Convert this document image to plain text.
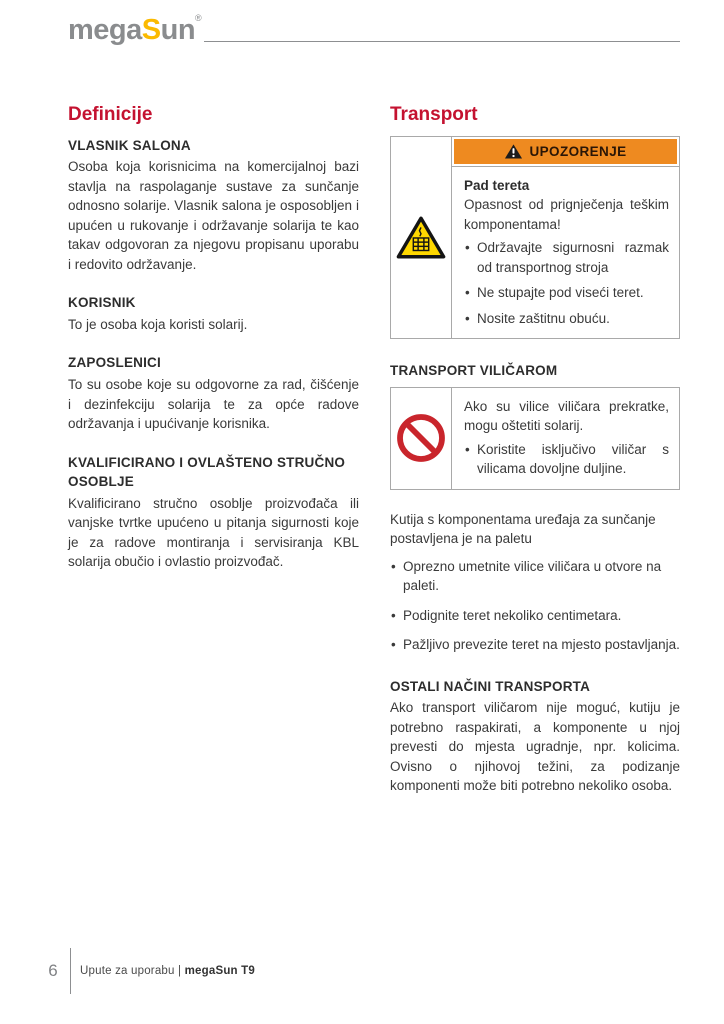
megaSun®
Definicije
VLASNIK SALONA

Osoba koja korisnicima na komercijalnoj bazi stavlja na raspolaganje sustave za sunčanje odnosno solarije. Vlasnik salona je osposobljen i upućen u rukovanje i održavanje solarija te kao takav odgovoran za njegovu propisanu uporabu i redovito održavanje.

KORISNIK

To je osoba koja koristi solarij.

ZAPOSLENICI

To su osobe koje su odgovorne za rad, čišćenje i dezinfekciju solarija te za opće radove održavanja i upućivanje korisnika.

KVALIFICIRANO I OVLAŠTENO STRUČNO OSOBLJE

Kvalificirano stručno osoblje proizvođača ili vanjske tvrtke upućeno u pitanja sigurnosti koje je za radove montiranja i servisiranja KBL solarija obučio i ovlastio proizvođač.

Transport
UPOZORENJE

Pad tereta

Opasnost od prignječenja teškim komponentama!

• Održavajte sigurnosni razmak od transportnog stroja
• Ne stupajte pod viseći teret.
• Nosite zaštitnu obuću.
TRANSPORT VILIČAROM

Ako su vilice viličara prekratke, mogu oštetiti solarij.

• Koristite isključivo viličar s vilicama dovoljne duljine.

Kutija s komponentama uređaja za sunčanje postavljena je na paletu

• Oprezno umetnite vilice viličara u otvore na paleti.
• Podignite teret nekoliko centimetara.
• Pažljivo prevezite teret na mjesto postavljanja.
OSTALI NAČINI TRANSPORTA

Ako transport viličarom nije moguć, kutiju je potrebno raspakirati, a komponente u njoj prevesti do mjesta ugradnje, npr. kolicima. Ovisno o njihovoj težini, za podizanje komponenti može biti potrebno nekoliko osoba.

6	Upute za uporabu | megaSun T9
